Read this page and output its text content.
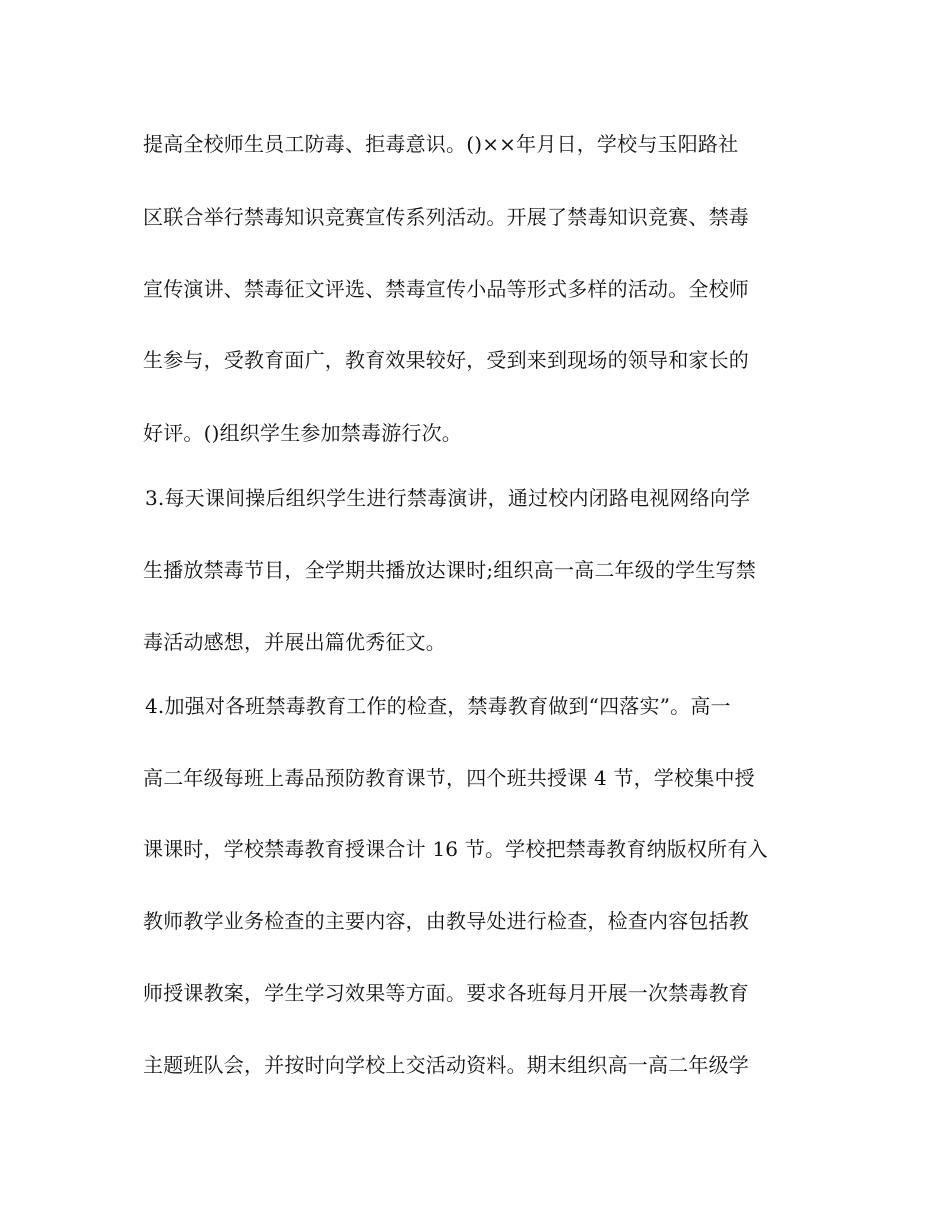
提高全校师生员工防毒、拒毒意识。()××年月日，学校与玉阳路社
区联合举行禁毒知识竞赛宣传系列活动。开展了禁毒知识竞赛、禁毒
宣传演讲、禁毒征文评选、禁毒宣传小品等形式多样的活动。全校师
生参与，受教育面广，教育效果较好，受到来到现场的领导和家长的
好评。()组织学生参加禁毒游行次。
3.每天课间操后组织学生进行禁毒演讲，通过校内闭路电视网络向学
生播放禁毒节目，全学期共播放达课时;组织高一高二年级的学生写禁
毒活动感想，并展出篇优秀征文。
4.加强对各班禁毒教育工作的检查，禁毒教育做到“四落实”。高一
高二年级每班上毒品预防教育课节，四个班共授课 4 节，学校集中授
课课时，学校禁毒教育授课合计 16 节。学校把禁毒教育纳版权所有入
教师教学业务检查的主要内容，由教导处进行检查，检查内容包括教
师授课教案，学生学习效果等方面。要求各班每月开展一次禁毒教育
主题班队会，并按时向学校上交活动资料。期末组织高一高二年级学
